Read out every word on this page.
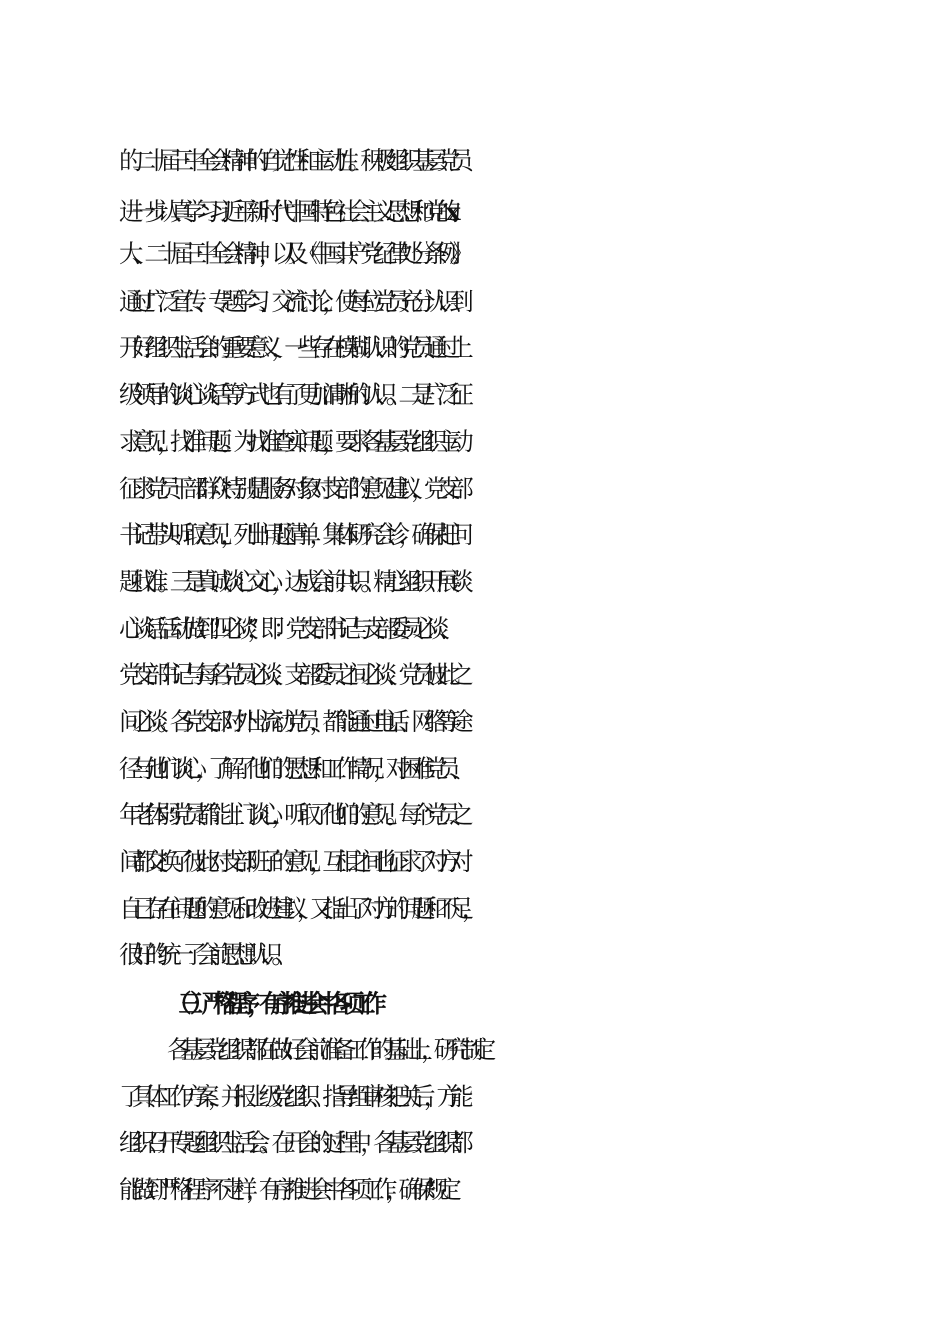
的二十届三中全会精神的自觉性和主动性。积极组织基层党员
进一步认真学习习近平新时代中国特色社会主义思想和党的 xx
大、二十届三中全会精神，以及《中国共产党纪律处分条例》。
通过广泛宣传、专题学习、交流讨论，使每位党员充分认识到
开好组织生活会的重要意义，一些存在模糊认识的党员通过上
级领导的谈心谈话等方式也有了更加清晰的认识。二是广泛征
求意见，找准问题。为找准查实问题，要求各基层党组织主动
征求党员干部群众特别是服务对象对支部的意见建议，党支部
书记带头听取意见，列出问题清单，集体研究会诊，确保把问
题找准。三是真诚谈心交心，达成会前共识。精心组织开展谈
心谈话活动做到“四必谈”，即：党支部书记与支部委员必谈、
党支部书记与每名党员必谈、支部委员之间必谈、党员彼此之
间必谈。各党支部对外出流动党员，都能通过电话、网络等途
径与他们谈心，了解了他们的思想和工作情况，对困难党员、
年老体弱党员都能上门谈心，听取了他们的意见。每个党员之
间都交换了彼此对支部班子的意见，互相之间也征求了对方对
自己存在问题的意见和改进建议，又指出了对方的问题和不足，
很好的统一了会前思想认识。
（三）严格程序，有序推进会中各项工作
各基层党组织都在做好会前准备工作的基础上，研究制定
了具体工作方案，并报上级党组织、指导组审核把关后，方能
组织召开专题组织生活会。在开会的过程中，各基层党组织都
能做到严格程序不走样，有序推进会中各项工作，确保“规定
